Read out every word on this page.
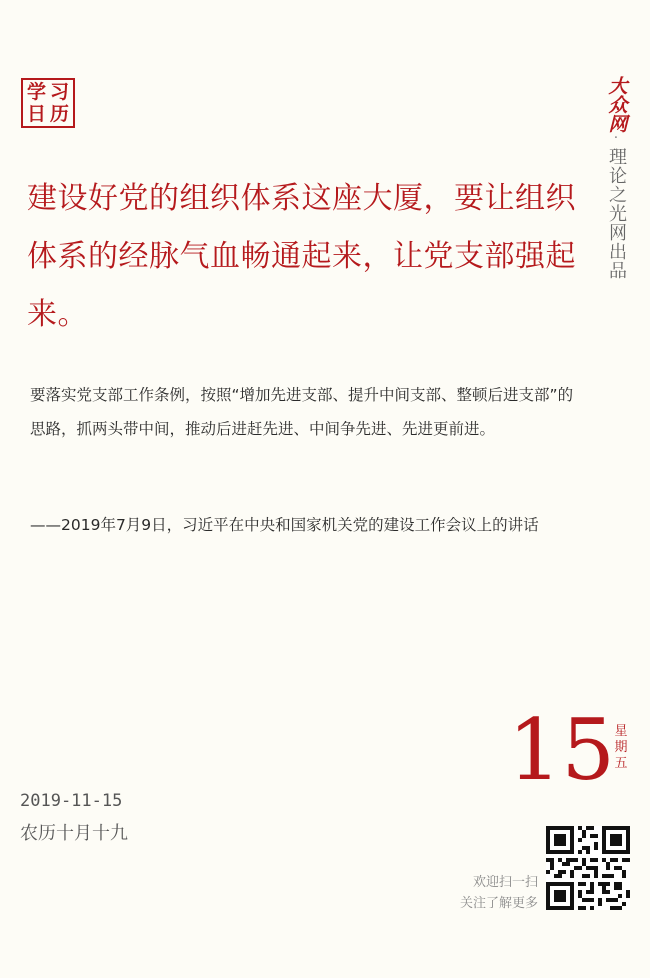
学 习
日 历	大众网
·
理论之光网出品
建设好党的组织体系这座大厦，要让组织体系的经脉气血畅通起来，让党支部强起来。

要落实党支部工作条例，按照“增加先进支部、提升中间支部、整顿后进支部”的思路，抓两头带中间，推动后进赶先进、中间争先进、先进更前进。

——2019年7月9日，习近平在中央和国家机关党的建设工作会议上的讲话

15 星
期
五
2019-11-15
农历十月十九
欢迎扫一扫
关注了解更多
